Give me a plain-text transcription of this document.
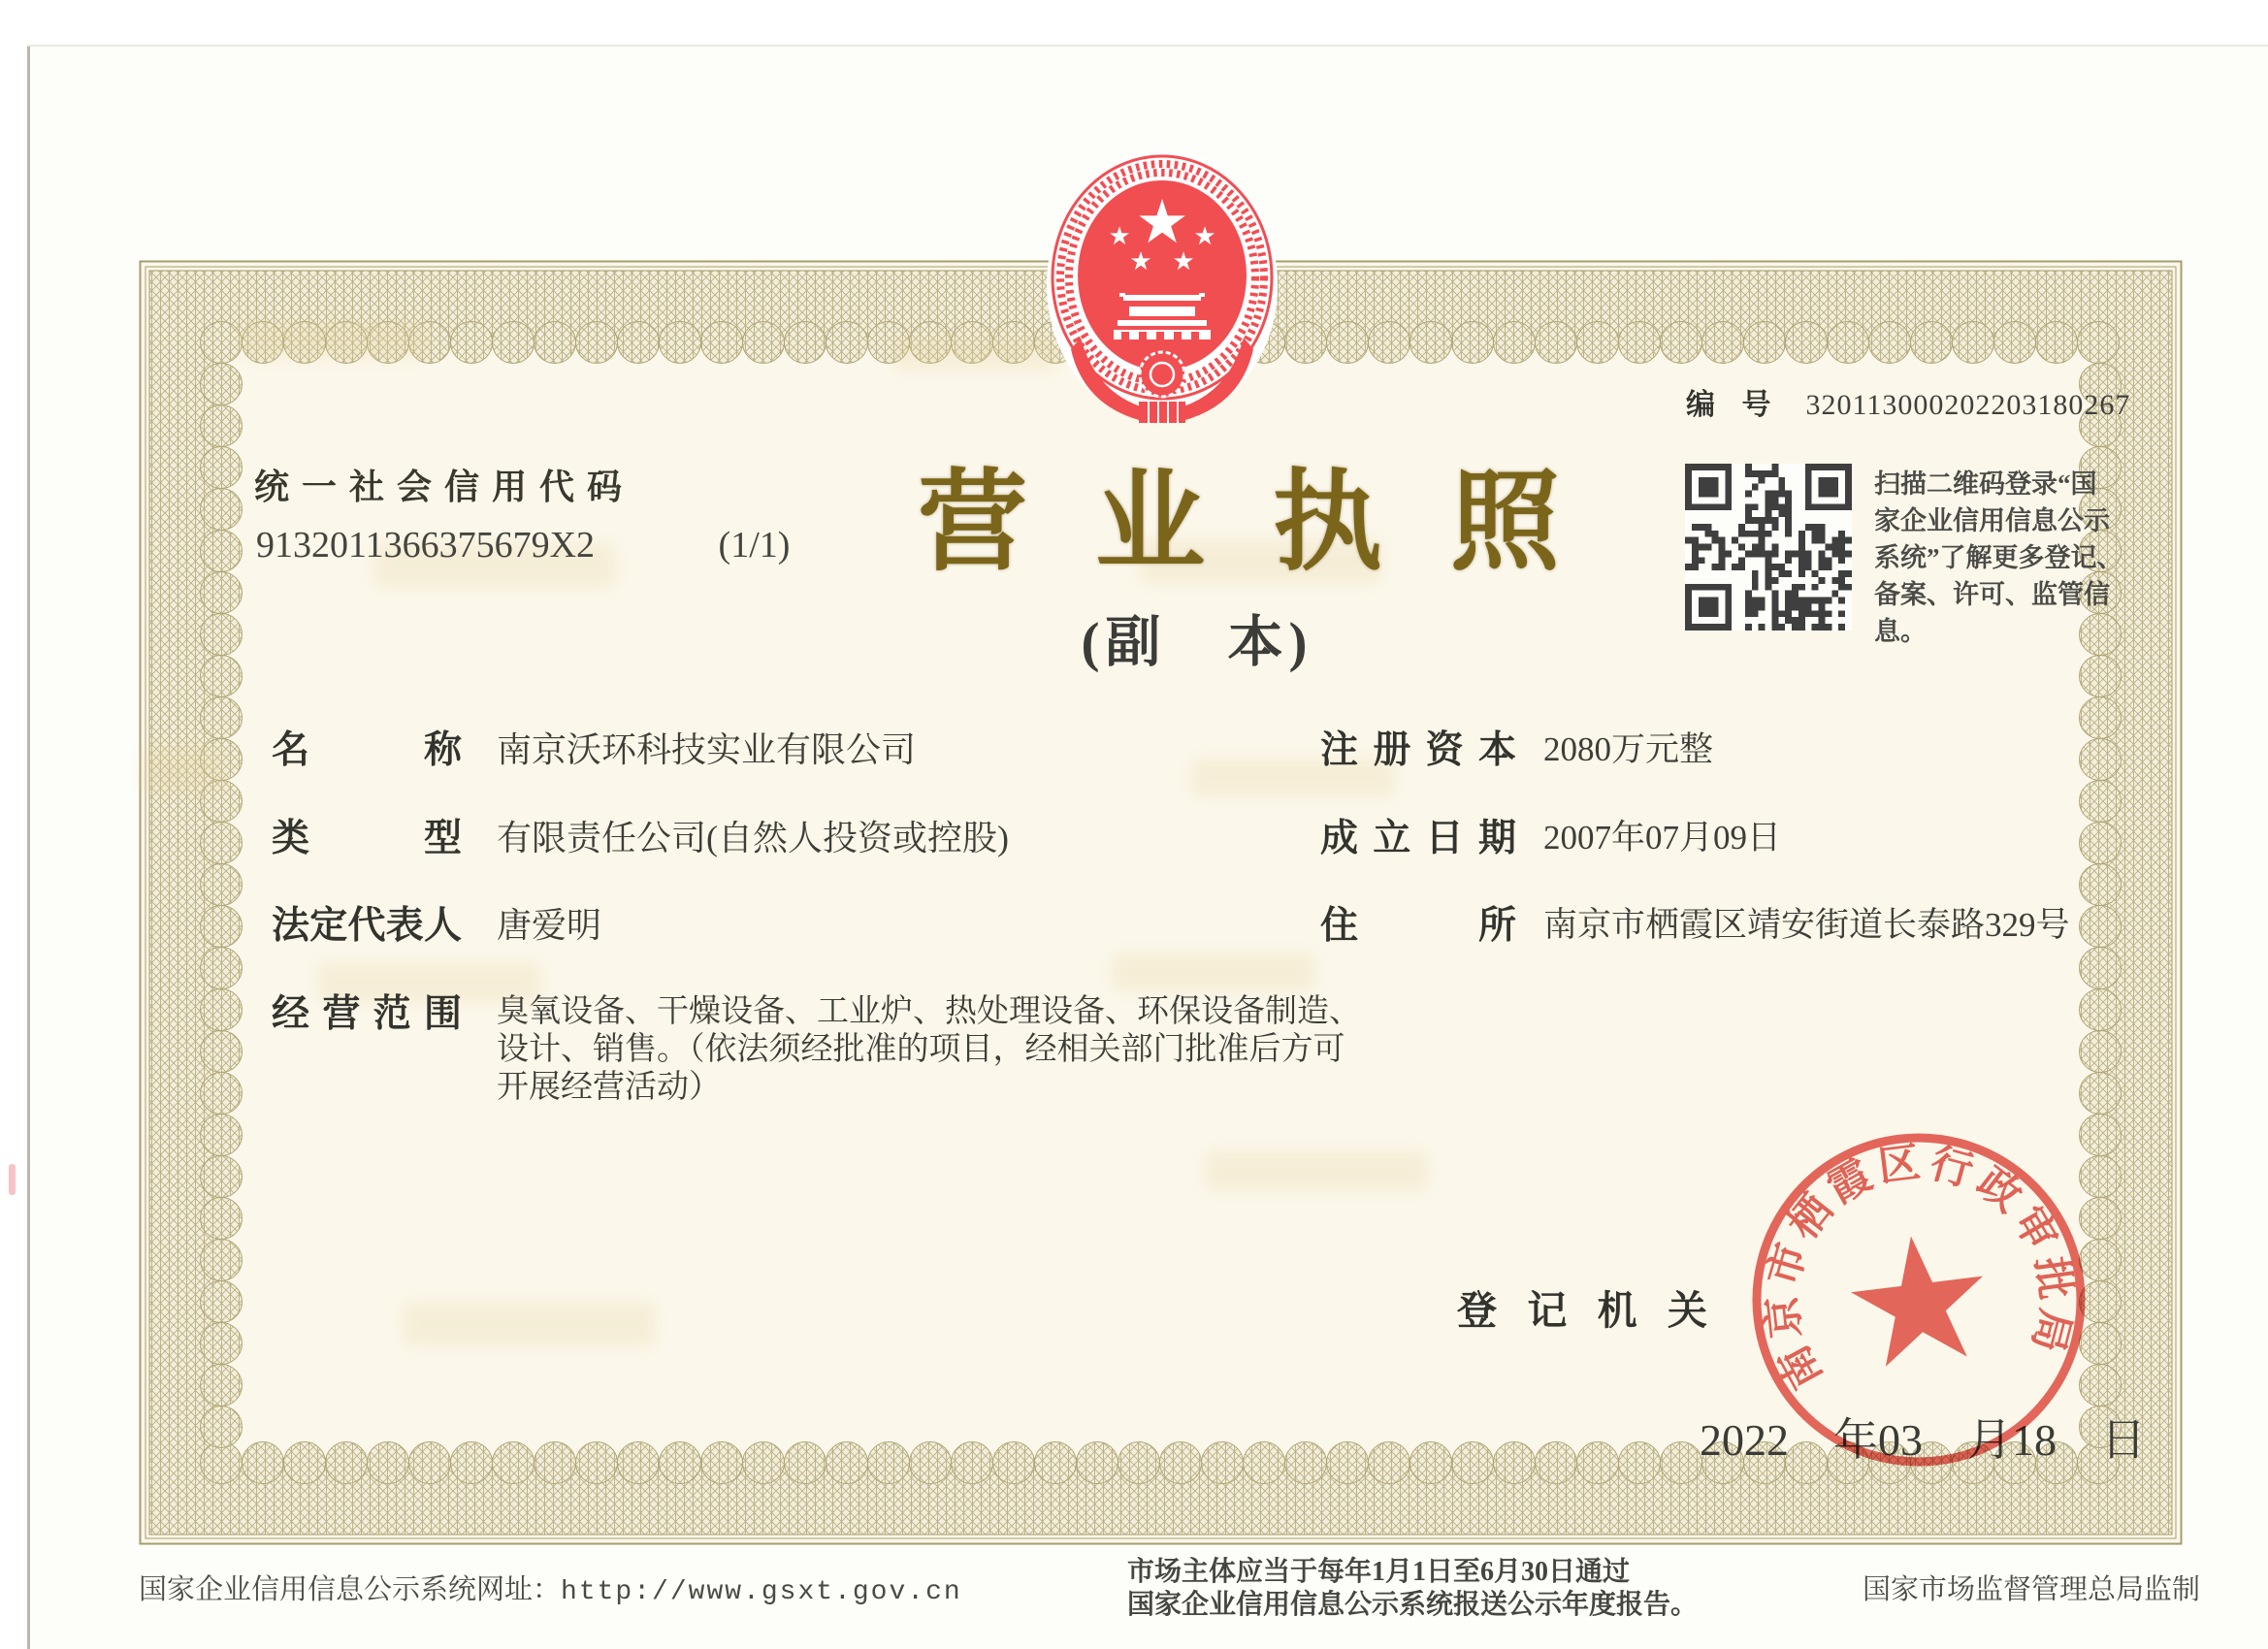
★
★ ★
★ ★
编 号 320113000202203180267
统一社会信用代码
9132011366375679X2	(1/1)	营业执照
(副　本)
扫描二维码登录“国
家企业信用信息公示
系统”了解更多登记、
备案、许可、监管信息。
名称 南京沃环科技实业有限公司
类型 有限责任公司(自然人投资或控股)
法定代表人 唐爱明
经营范围 臭氧设备、干燥设备、工业炉、热处理设备、环保设备制造、
设计、销售。（依法须经批准的项目，经相关部门批准后方可
开展经营活动）
注册资本 2080万元整
成立日期 2007年07月09日
住所 南京市栖霞区靖安街道长泰路329号
登记机关
2022 年 03 月 18 日
南京市栖霞区行政审批局
国家企业信用信息公示系统网址：http://www.gsxt.gov.cn
市场主体应当于每年1月1日至6月30日通过
国家企业信用信息公示系统报送公示年度报告。	国家市场监督管理总局监制
